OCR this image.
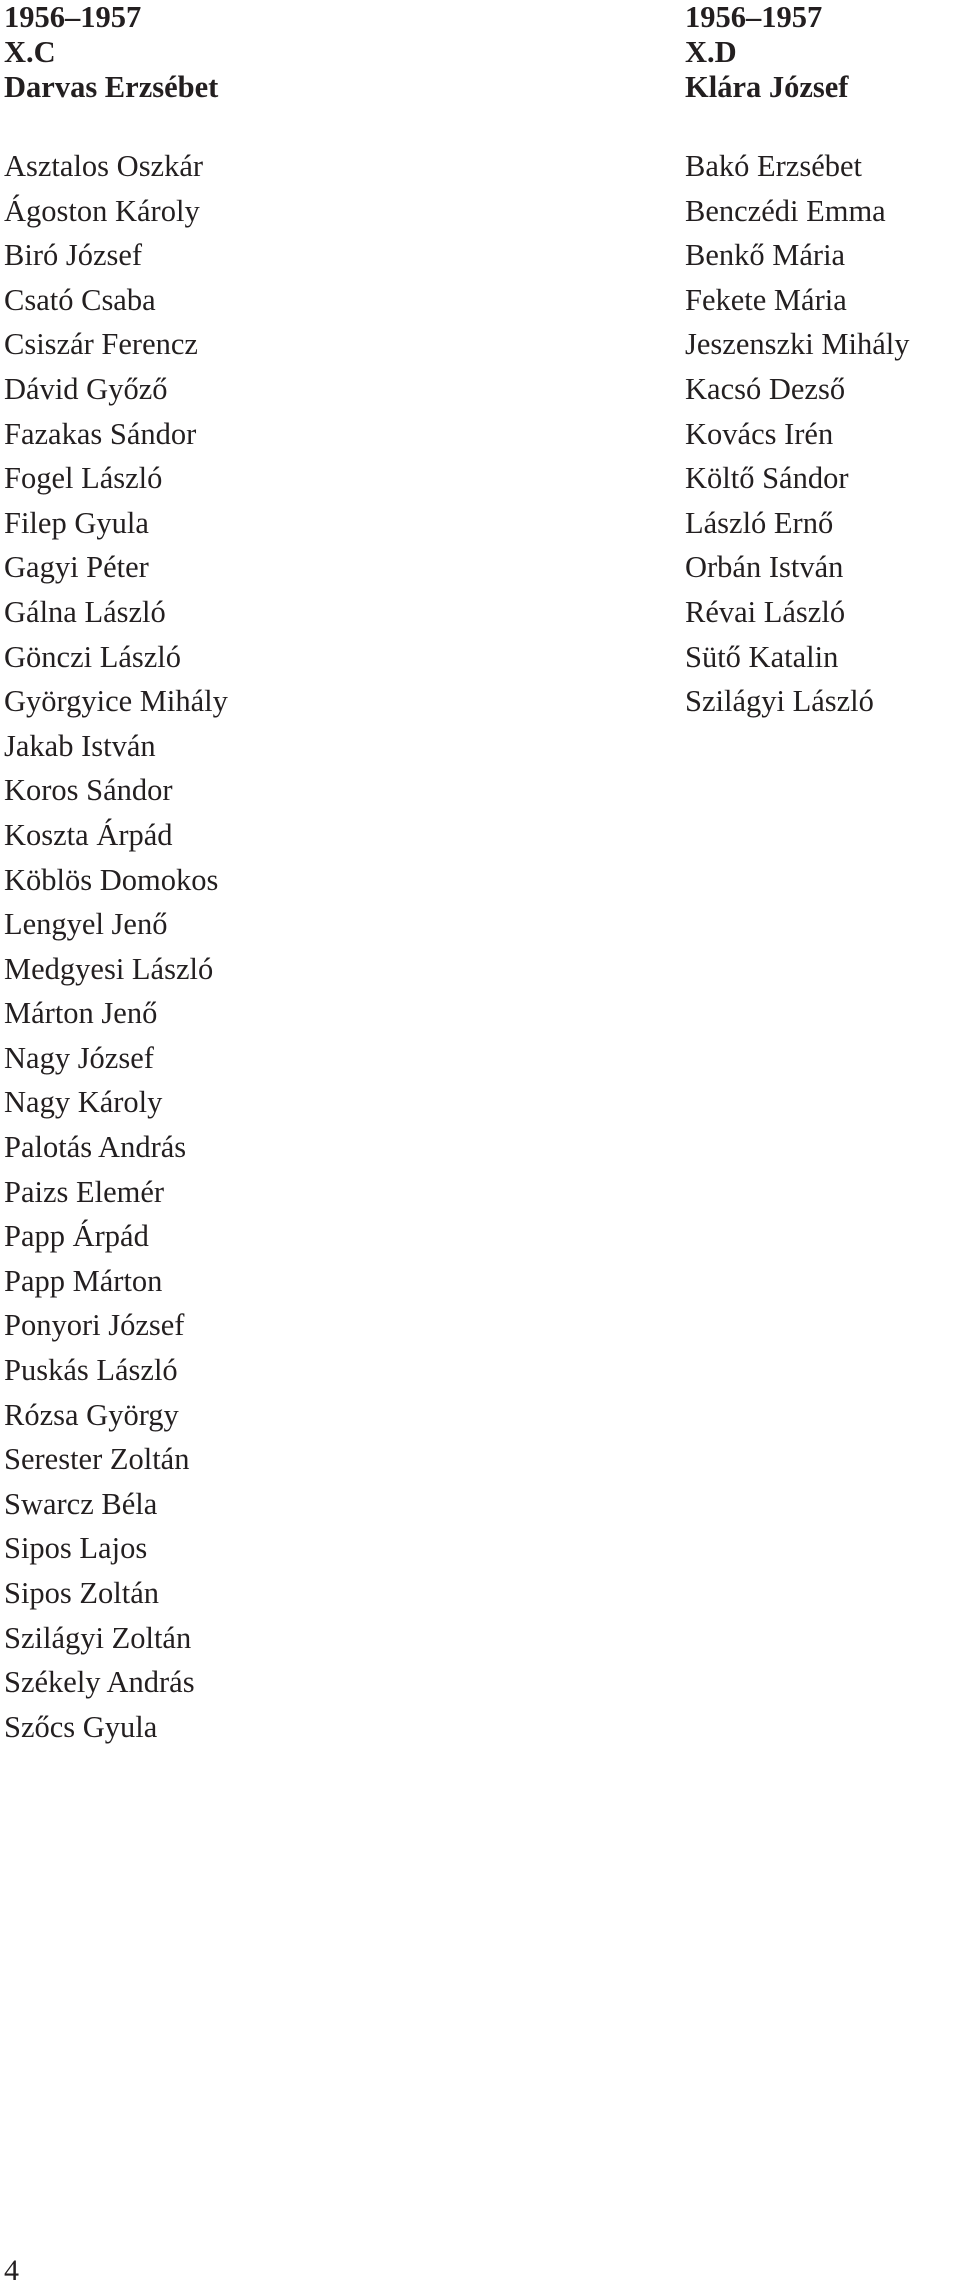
1956–1957
X.C
Darvas Erzsébet
Asztalos Oszkár
Ágoston Károly
Biró József
Csató Csaba
Csiszár Ferencz
Dávid Győző
Fazakas Sándor
Fogel László
Filep Gyula
Gagyi Péter
Gálna László
Gönczi László
Györgyice Mihály
Jakab István
Koros Sándor
Koszta Árpád
Köblös Domokos
Lengyel Jenő
Medgyesi László
Márton Jenő
Nagy József
Nagy Károly
Palotás András
Paizs Elemér
Papp Árpád
Papp Márton
Ponyori József
Puskás László
Rózsa György
Serester Zoltán
Swarcz Béla
Sipos Lajos
Sipos Zoltán
Szilágyi Zoltán
Székely András
Szőcs Gyula
1956–1957
X.D
Klára József
Bakó Erzsébet
Benczédi Emma
Benkő Mária
Fekete Mária
Jeszenszki Mihály
Kacsó Dezső
Kovács Irén
Költő Sándor
László Ernő
Orbán István
Révai László
Sütő Katalin
Szilágyi László
4
